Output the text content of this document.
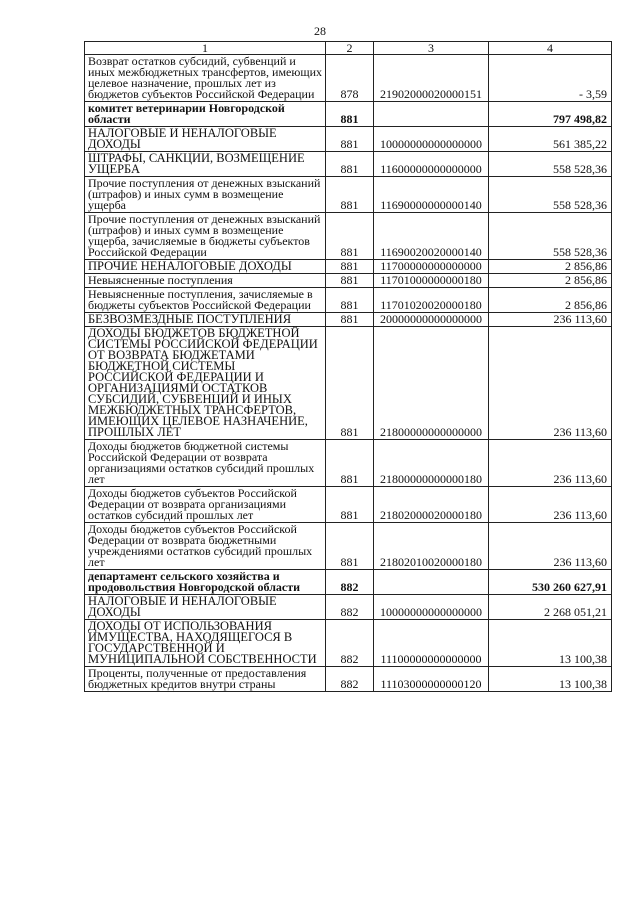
28
1	2	3	4
Возврат остатков субсидий, субвенций и иных межбюджетных трансфертов, имеющих целевое назначение, прошлых лет из бюджетов субъектов Российской Федерации	878	21902000020000151	- 3,59
комитет ветеринарии Новгородской области	881		797 498,82
НАЛОГОВЫЕ И НЕНАЛОГОВЫЕ ДОХОДЫ	881	10000000000000000	561 385,22
ШТРАФЫ, САНКЦИИ, ВОЗМЕЩЕНИЕ УЩЕРБА	881	11600000000000000	558 528,36
Прочие поступления от денежных взысканий (штрафов) и иных сумм в возмещение ущерба	881	11690000000000140	558 528,36
Прочие поступления от денежных взысканий (штрафов) и иных сумм в возмещение ущерба, зачисляемые в бюджеты субъектов Российской Федерации	881	11690020020000140	558 528,36
ПРОЧИЕ НЕНАЛОГОВЫЕ ДОХОДЫ	881	11700000000000000	2 856,86
Невыясненные поступления	881	11701000000000180	2 856,86
Невыясненные поступления, зачисляемые в бюджеты субъектов Российской Федерации	881	11701020020000180	2 856,86
БЕЗВОЗМЕЗДНЫЕ ПОСТУПЛЕНИЯ	881	20000000000000000	236 113,60
ДОХОДЫ БЮДЖЕТОВ БЮДЖЕТНОЙ СИСТЕМЫ РОССИЙСКОЙ ФЕДЕРАЦИИ ОТ ВОЗВРАТА БЮДЖЕТАМИ БЮДЖЕТНОЙ СИСТЕМЫ РОССИЙСКОЙ ФЕДЕРАЦИИ И ОРГАНИЗАЦИЯМИ ОСТАТКОВ СУБСИДИЙ, СУБВЕНЦИЙ И ИНЫХ МЕЖБЮДЖЕТНЫХ ТРАНСФЕРТОВ, ИМЕЮЩИХ ЦЕЛЕВОЕ НАЗНАЧЕНИЕ, ПРОШЛЫХ ЛЕТ	881	21800000000000000	236 113,60
Доходы бюджетов бюджетной системы Российской Федерации от возврата организациями остатков субсидий прошлых лет	881	21800000000000180	236 113,60
Доходы бюджетов субъектов Российской Федерации от возврата организациями остатков субсидий прошлых лет	881	21802000020000180	236 113,60
Доходы бюджетов субъектов Российской Федерации от возврата бюджетными учреждениями остатков субсидий прошлых лет	881	21802010020000180	236 113,60
департамент сельского хозяйства и продовольствия Новгородской области	882		530 260 627,91
НАЛОГОВЫЕ И НЕНАЛОГОВЫЕ ДОХОДЫ	882	10000000000000000	2 268 051,21
ДОХОДЫ ОТ ИСПОЛЬЗОВАНИЯ ИМУЩЕСТВА, НАХОДЯЩЕГОСЯ В ГОСУДАРСТВЕННОЙ И МУНИЦИПАЛЬНОЙ СОБСТВЕННОСТИ	882	11100000000000000	13 100,38
Проценты, полученные от предоставления бюджетных кредитов внутри страны	882	11103000000000120	13 100,38
